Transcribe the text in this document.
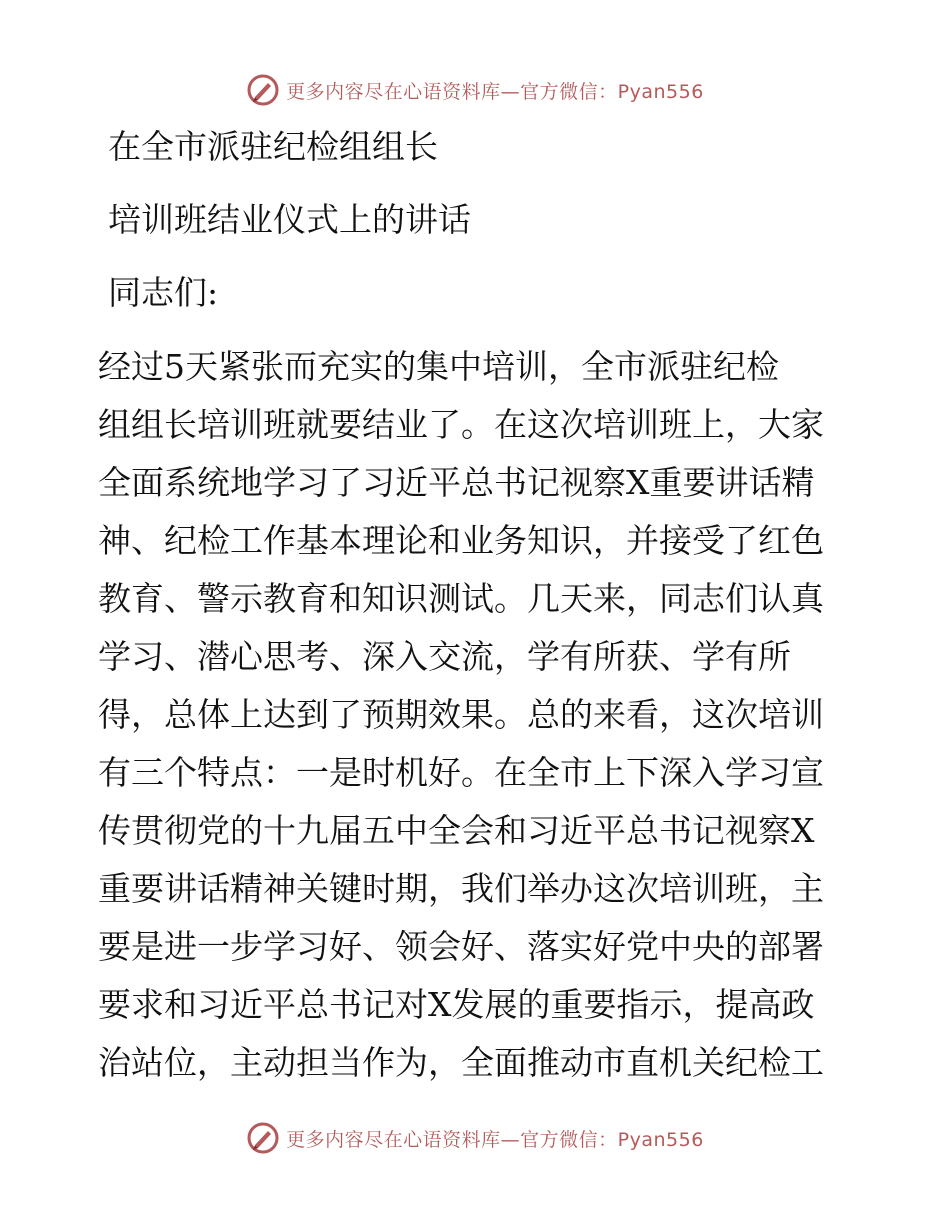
更多内容尽在心语资料库—官方微信：Pyan556
在全市派驻纪检组组长
培训班结业仪式上的讲话
同志们:
经过5天紧张而充实的集中培训，全市派驻纪检
组组长培训班就要结业了。在这次培训班上，大家
全面系统地学习了习近平总书记视察X重要讲话精
神、纪检工作基本理论和业务知识，并接受了红色
教育、警示教育和知识测试。几天来，同志们认真
学习、潜心思考、深入交流，学有所获、学有所
得，总体上达到了预期效果。总的来看，这次培训
有三个特点：一是时机好。在全市上下深入学习宣
传贯彻党的十九届五中全会和习近平总书记视察X
重要讲话精神关键时期，我们举办这次培训班，主
要是进一步学习好、领会好、落实好党中央的部署
要求和习近平总书记对X发展的重要指示，提高政
治站位，主动担当作为，全面推动市直机关纪检工
更多内容尽在心语资料库—官方微信：Pyan556
